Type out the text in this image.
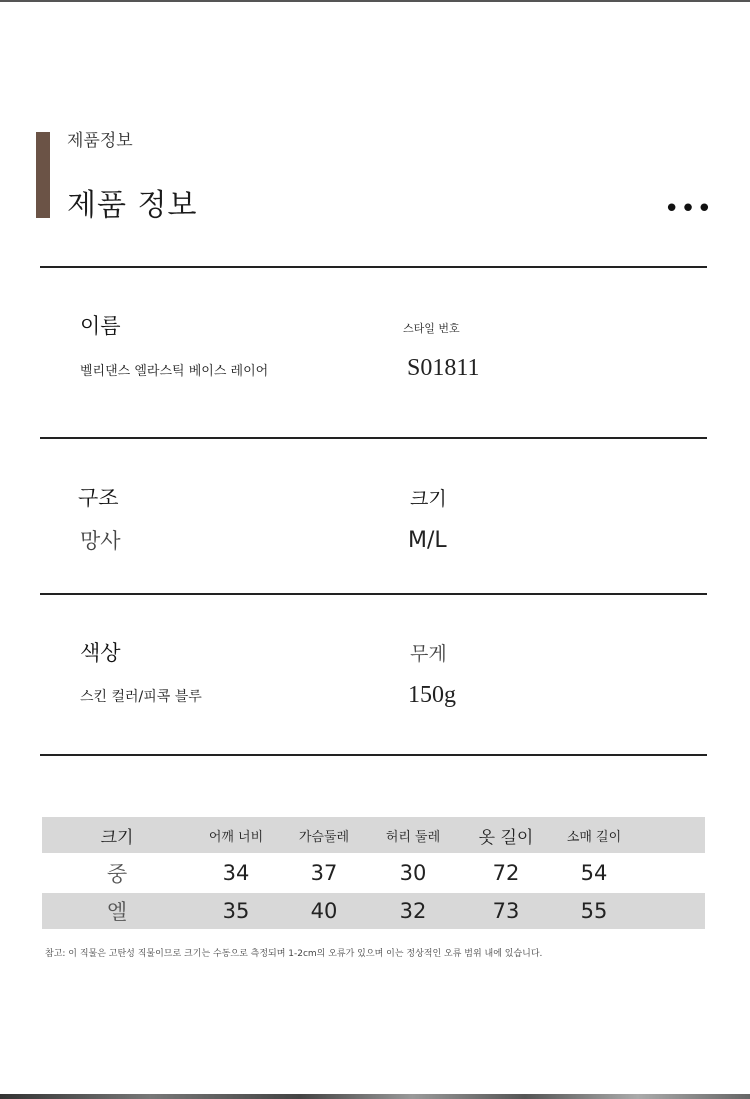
제품정보
제품 정보	•••
이름
벨리댄스 엘라스틱 베이스 레이어
스타일 번호
S01811
구조
망사
크기
M/L
색상
스킨 컬러/피콕 블루
무게
150g
크기	어깨 너비	가슴둘레	허리 둘레	옷 길이	소매 길이	
중	34	37	30	72	54	
엘	35	40	32	73	55	
참고: 이 직물은 고탄성 직물이므로 크기는 수동으로 측정되며 1-2cm의 오류가 있으며 이는 정상적인 오류 범위 내에 있습니다.
